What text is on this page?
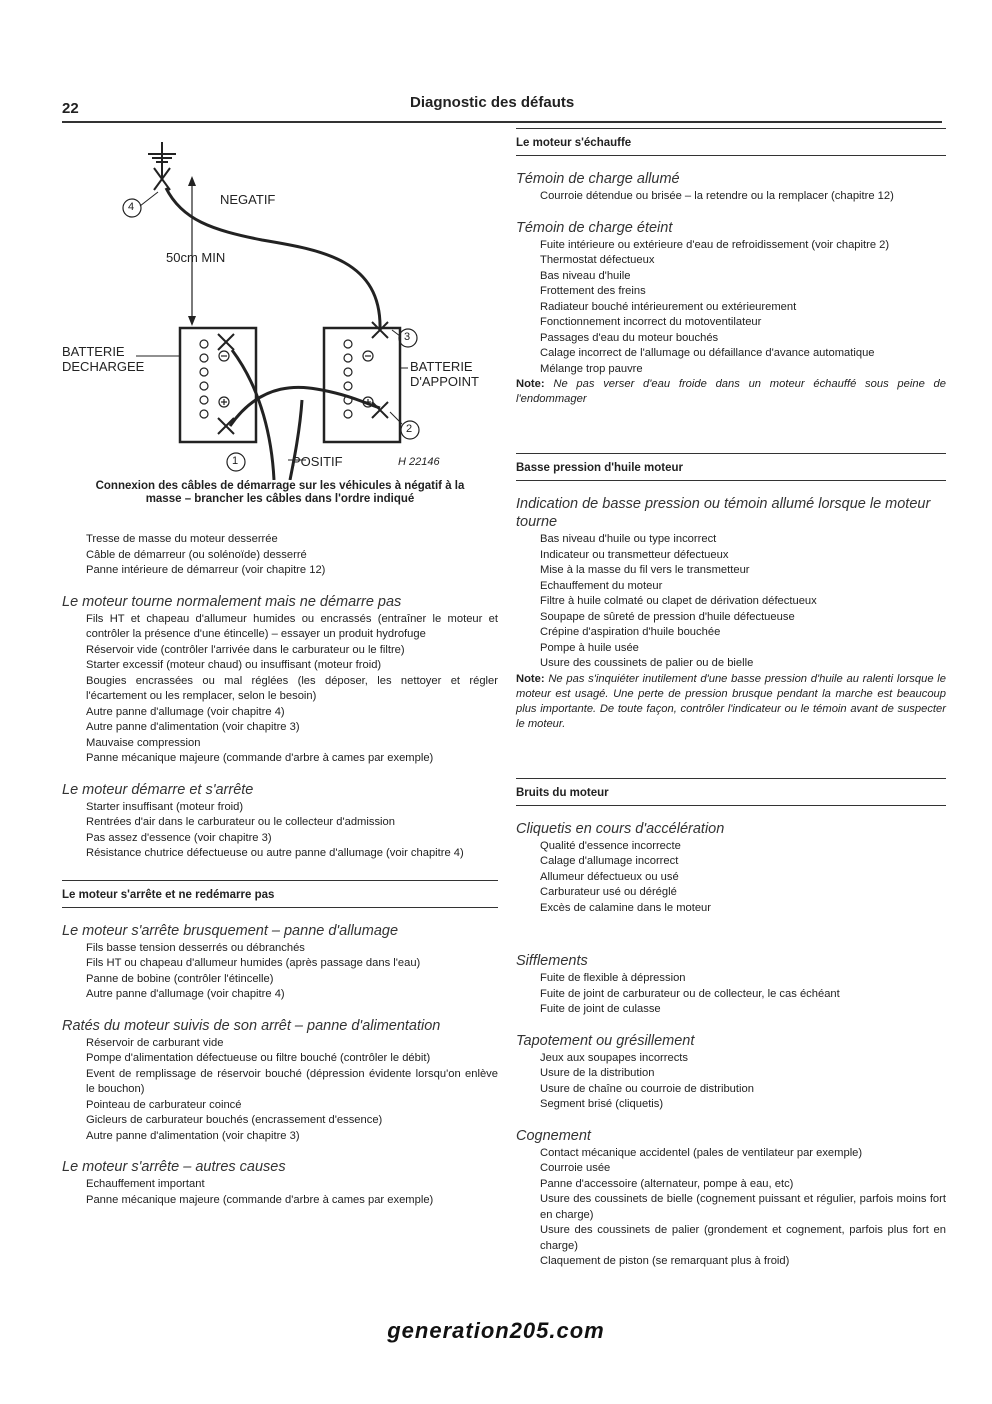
22	Diagnostic des défauts
NEGATIF
50cm MIN
BATTERIE
DECHARGEE	BATTERIE
D'APPOINT
POSITIF	H 22146
1
2
3
4
Connexion des câbles de démarrage sur les véhicules à négatif à la
masse – brancher les câbles dans l'ordre indiqué
Tresse de masse du moteur desserrée
Câble de démarreur (ou solénoïde) desserré
Panne intérieure de démarreur (voir chapitre 12)
Le moteur tourne normalement mais ne démarre pas
Fils HT et chapeau d'allumeur humides ou encrassés (entraîner le moteur et contrôler la présence d'une étincelle) – essayer un produit hydrofuge
Réservoir vide (contrôler l'arrivée dans le carburateur ou le filtre)
Starter excessif (moteur chaud) ou insuffisant (moteur froid)
Bougies encrassées ou mal réglées (les déposer, les nettoyer et régler l'écartement ou les remplacer, selon le besoin)
Autre panne d'allumage (voir chapitre 4)
Autre panne d'alimentation (voir chapitre 3)
Mauvaise compression
Panne mécanique majeure (commande d'arbre à cames par exemple)
Le moteur démarre et s'arrête
Starter insuffisant (moteur froid)
Rentrées d'air dans le carburateur ou le collecteur d'admission
Pas assez d'essence (voir chapitre 3)
Résistance chutrice défectueuse ou autre panne d'allumage (voir chapitre 4)
Le moteur s'arrête et ne redémarre pas
Le moteur s'arrête brusquement – panne d'allumage
Fils basse tension desserrés ou débranchés
Fils HT ou chapeau d'allumeur humides (après passage dans l'eau)
Panne de bobine (contrôler l'étincelle)
Autre panne d'allumage (voir chapitre 4)
Ratés du moteur suivis de son arrêt – panne d'alimentation
Réservoir de carburant vide
Pompe d'alimentation défectueuse ou filtre bouché (contrôler le débit)
Event de remplissage de réservoir bouché (dépression évidente lorsqu'on enlève le bouchon)
Pointeau de carburateur coincé
Gicleurs de carburateur bouchés (encrassement d'essence)
Autre panne d'alimentation (voir chapitre 3)
Le moteur s'arrête – autres causes
Echauffement important
Panne mécanique majeure (commande d'arbre à cames par exemple)
Le moteur s'échauffe
Témoin de charge allumé
Courroie détendue ou brisée – la retendre ou la remplacer (chapitre 12)
Témoin de charge éteint
Fuite intérieure ou extérieure d'eau de refroidissement (voir chapitre 2)
Thermostat défectueux
Bas niveau d'huile
Frottement des freins
Radiateur bouché intérieurement ou extérieurement
Fonctionnement incorrect du motoventilateur
Passages d'eau du moteur bouchés
Calage incorrect de l'allumage ou défaillance d'avance automatique
Mélange trop pauvre
Note: Ne pas verser d'eau froide dans un moteur échauffé sous peine de l'endommager
Basse pression d'huile moteur
Indication de basse pression ou témoin allumé lorsque le moteur tourne
Bas niveau d'huile ou type incorrect
Indicateur ou transmetteur défectueux
Mise à la masse du fil vers le transmetteur
Echauffement du moteur
Filtre à huile colmaté ou clapet de dérivation défectueux
Soupape de sûreté de pression d'huile défectueuse
Crépine d'aspiration d'huile bouchée
Pompe à huile usée
Usure des coussinets de palier ou de bielle
Note: Ne pas s'inquiéter inutilement d'une basse pression d'huile au ralenti lorsque le moteur est usagé. Une perte de pression brusque pendant la marche est beaucoup plus importante. De toute façon, contrôler l'indicateur ou le témoin avant de suspecter le moteur.
Bruits du moteur
Cliquetis en cours d'accélération
Qualité d'essence incorrecte
Calage d'allumage incorrect
Allumeur défectueux ou usé
Carburateur usé ou déréglé
Excès de calamine dans le moteur
Sifflements
Fuite de flexible à dépression
Fuite de joint de carburateur ou de collecteur, le cas échéant
Fuite de joint de culasse
Tapotement ou grésillement
Jeux aux soupapes incorrects
Usure de la distribution
Usure de chaîne ou courroie de distribution
Segment brisé (cliquetis)
Cognement
Contact mécanique accidentel (pales de ventilateur par exemple)
Courroie usée
Panne d'accessoire (alternateur, pompe à eau, etc)
Usure des coussinets de bielle (cognement puissant et régulier, parfois moins fort en charge)
Usure des coussinets de palier (grondement et cognement, parfois plus fort en charge)
Claquement de piston (se remarquant plus à froid)
generation205.com
